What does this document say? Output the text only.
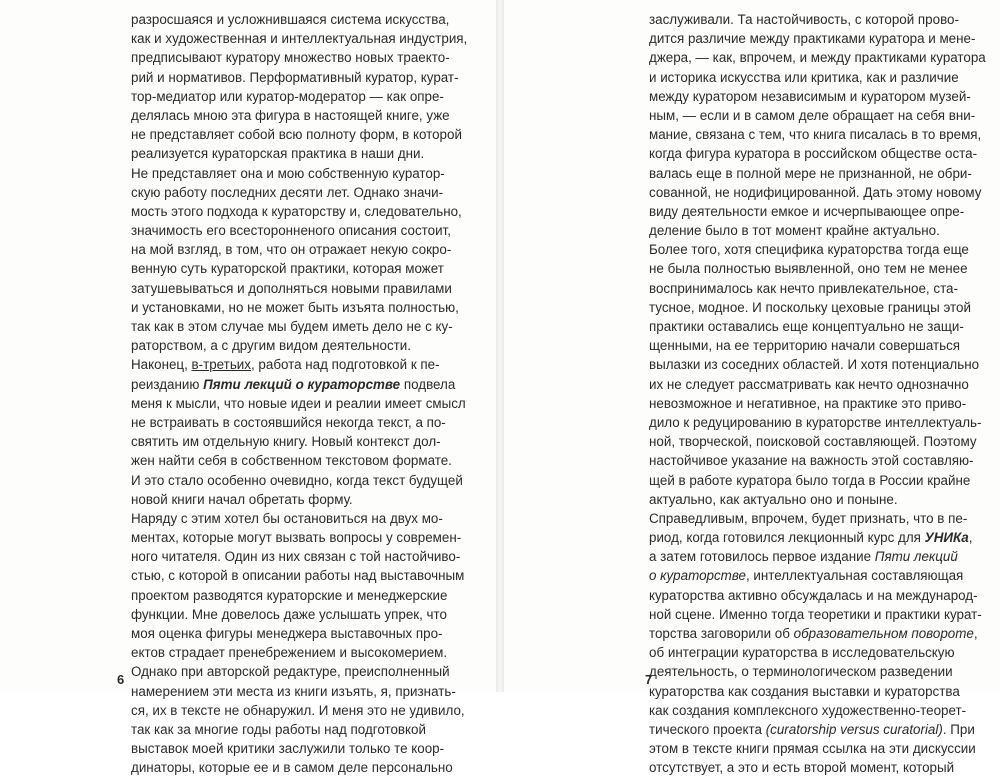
разросшаяся и усложнившаяся система искусства,
как и художественная и интеллектуальная индустрия,
предписывают куратору множество новых траекто-
рий и нормативов. Перформативный куратор, курат-
тор-медиатор или куратор-модератор — как опре-
делялась мною эта фигура в настоящей книге, уже
не представляет собой всю полноту форм, в которой
реализуется кураторская практика в наши дни.
Не представляет она и мою собственную куратор-
скую работу последних десяти лет. Однако значи-
мость этого подхода к кураторству и, следовательно,
значимость его всесторонненого описания состоит,
на мой взгляд, в том, что он отражает некую сокро-
венную суть кураторской практики, которая может
затушевываться и дополняться новыми правилами
и установками, но не может быть изъята полностью,
так как в этом случае мы будем иметь дело не с ку-
раторством, а с другим видом деятельности.
Наконец, в-третьих, работа над подготовкой к пе-
реизданию Пяти лекций о кураторстве подвела
меня к мысли, что новые идеи и реалии имеет смысл
не встраивать в состоявшийся некогда текст, а по-
святить им отдельную книгу. Новый контекст дол-
жен найти себя в собственном текстовом формате.
И это стало особенно очевидно, когда текст будущей
новой книги начал обретать форму.
Наряду с этим хотел бы остановиться на двух мо-
ментах, которые могут вызвать вопросы у современ-
ного читателя. Один из них связан с той настойчиво-
стью, с которой в описании работы над выставочным
проектом разводятся кураторские и менеджерские
функции. Мне довелось даже услышать упрек, что
моя оценка фигуры менеджера выставочных про-
ектов страдает пренебрежением и высокомерием.
Однако при авторской редактуре, преисполненный
намерением эти места из книги изъять, я, признать-
ся, их в тексте не обнаружил. И меня это не удивило,
так как за многие годы работы над подготовкой
выставок моей критики заслужили только те коор-
динаторы, которые ее и в самом деле персонально
6
заслуживали. Та настойчивость, с которой прово-
дится различие между практиками куратора и мене-
джера, — как, впрочем, и между практиками куратора
и историка искусства или критика, как и различие
между куратором независимым и куратором музей-
ным, — если и в самом деле обращает на себя вни-
мание, связана с тем, что книга писалась в то время,
когда фигура куратора в российском обществе оста-
валась еще в полной мере не признанной, не обри-
сованной, не нодифицированной. Дать этому новому
виду деятельности емкое и исчерпывающее опре-
деление было в тот момент крайне актуально.
Более того, хотя специфика кураторства тогда еще
не была полностью выявленной, оно тем не менее
воспринималось как нечто привлекательное, ста-
тусное, модное. И поскольку цеховые границы этой
практики оставались еще концептуально не защи-
щенными, на ее территорию начали совершаться
вылазки из соседних областей. И хотя потенциально
их не следует рассматривать как нечто однозначно
невозможное и негативное, на практике это приво-
дило к редуцированию в кураторстве интеллектуаль-
ной, творческой, поисковой составляющей. Поэтому
настойчивое указание на важность этой составляю-
щей в работе куратора было тогда в России крайне
актуально, как актуально оно и поныне.
Справедливым, впрочем, будет признать, что в пе-
риод, когда готовился лекционный курс для УНИКа,
а затем готовилось первое издание Пяти лекций
о кураторстве, интеллектуальная составляющая
кураторства активно обсуждалась и на международ-
ной сцене. Именно тогда теоретики и практики курат-
торства заговорили об образовательном повороте,
об интеграции кураторства в исследовательскую
деятельность, о терминологическом разведении
кураторства как создания выставки и кураторства
как создания комплексного художественно-теорет-
тического проекта (curatorship versus curatorial). При
этом в тексте книги прямая ссылка на эти дискуссии
отсутствует, а это и есть второй момент, который
7
